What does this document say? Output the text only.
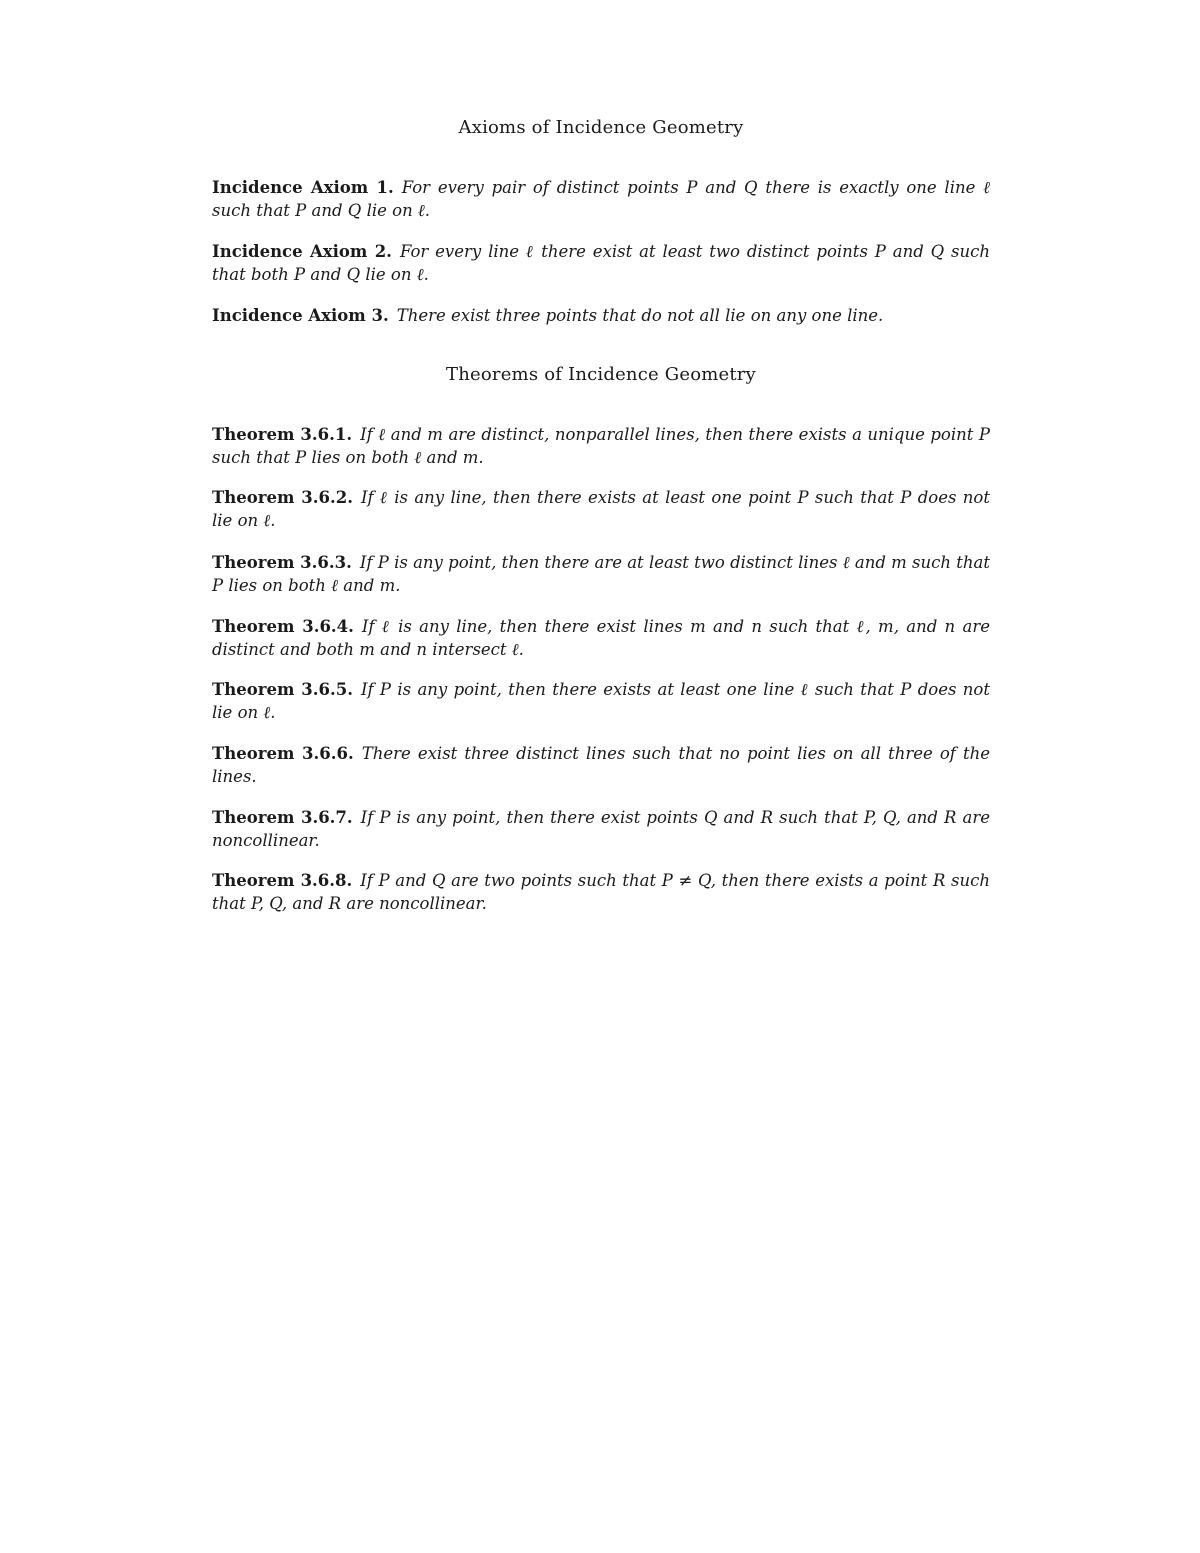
Axioms of Incidence Geometry

Incidence Axiom 1. For every pair of distinct points P and Q there is exactly one line ℓ such that P and Q lie on ℓ.

Incidence Axiom 2. For every line ℓ there exist at least two distinct points P and Q such that both P and Q lie on ℓ.

Incidence Axiom 3. There exist three points that do not all lie on any one line.

Theorems of Incidence Geometry

Theorem 3.6.1. If ℓ and m are distinct, nonparallel lines, then there exists a unique point P such that P lies on both ℓ and m.

Theorem 3.6.2. If ℓ is any line, then there exists at least one point P such that P does not lie on ℓ.

Theorem 3.6.3. If P is any point, then there are at least two distinct lines ℓ and m such that P lies on both ℓ and m.

Theorem 3.6.4. If ℓ is any line, then there exist lines m and n such that ℓ, m, and n are distinct and both m and n intersect ℓ.

Theorem 3.6.5. If P is any point, then there exists at least one line ℓ such that P does not lie on ℓ.

Theorem 3.6.6. There exist three distinct lines such that no point lies on all three of the lines.

Theorem 3.6.7. If P is any point, then there exist points Q and R such that P, Q, and R are noncollinear.

Theorem 3.6.8. If P and Q are two points such that P ≠ Q, then there exists a point R such that P, Q, and R are noncollinear.
